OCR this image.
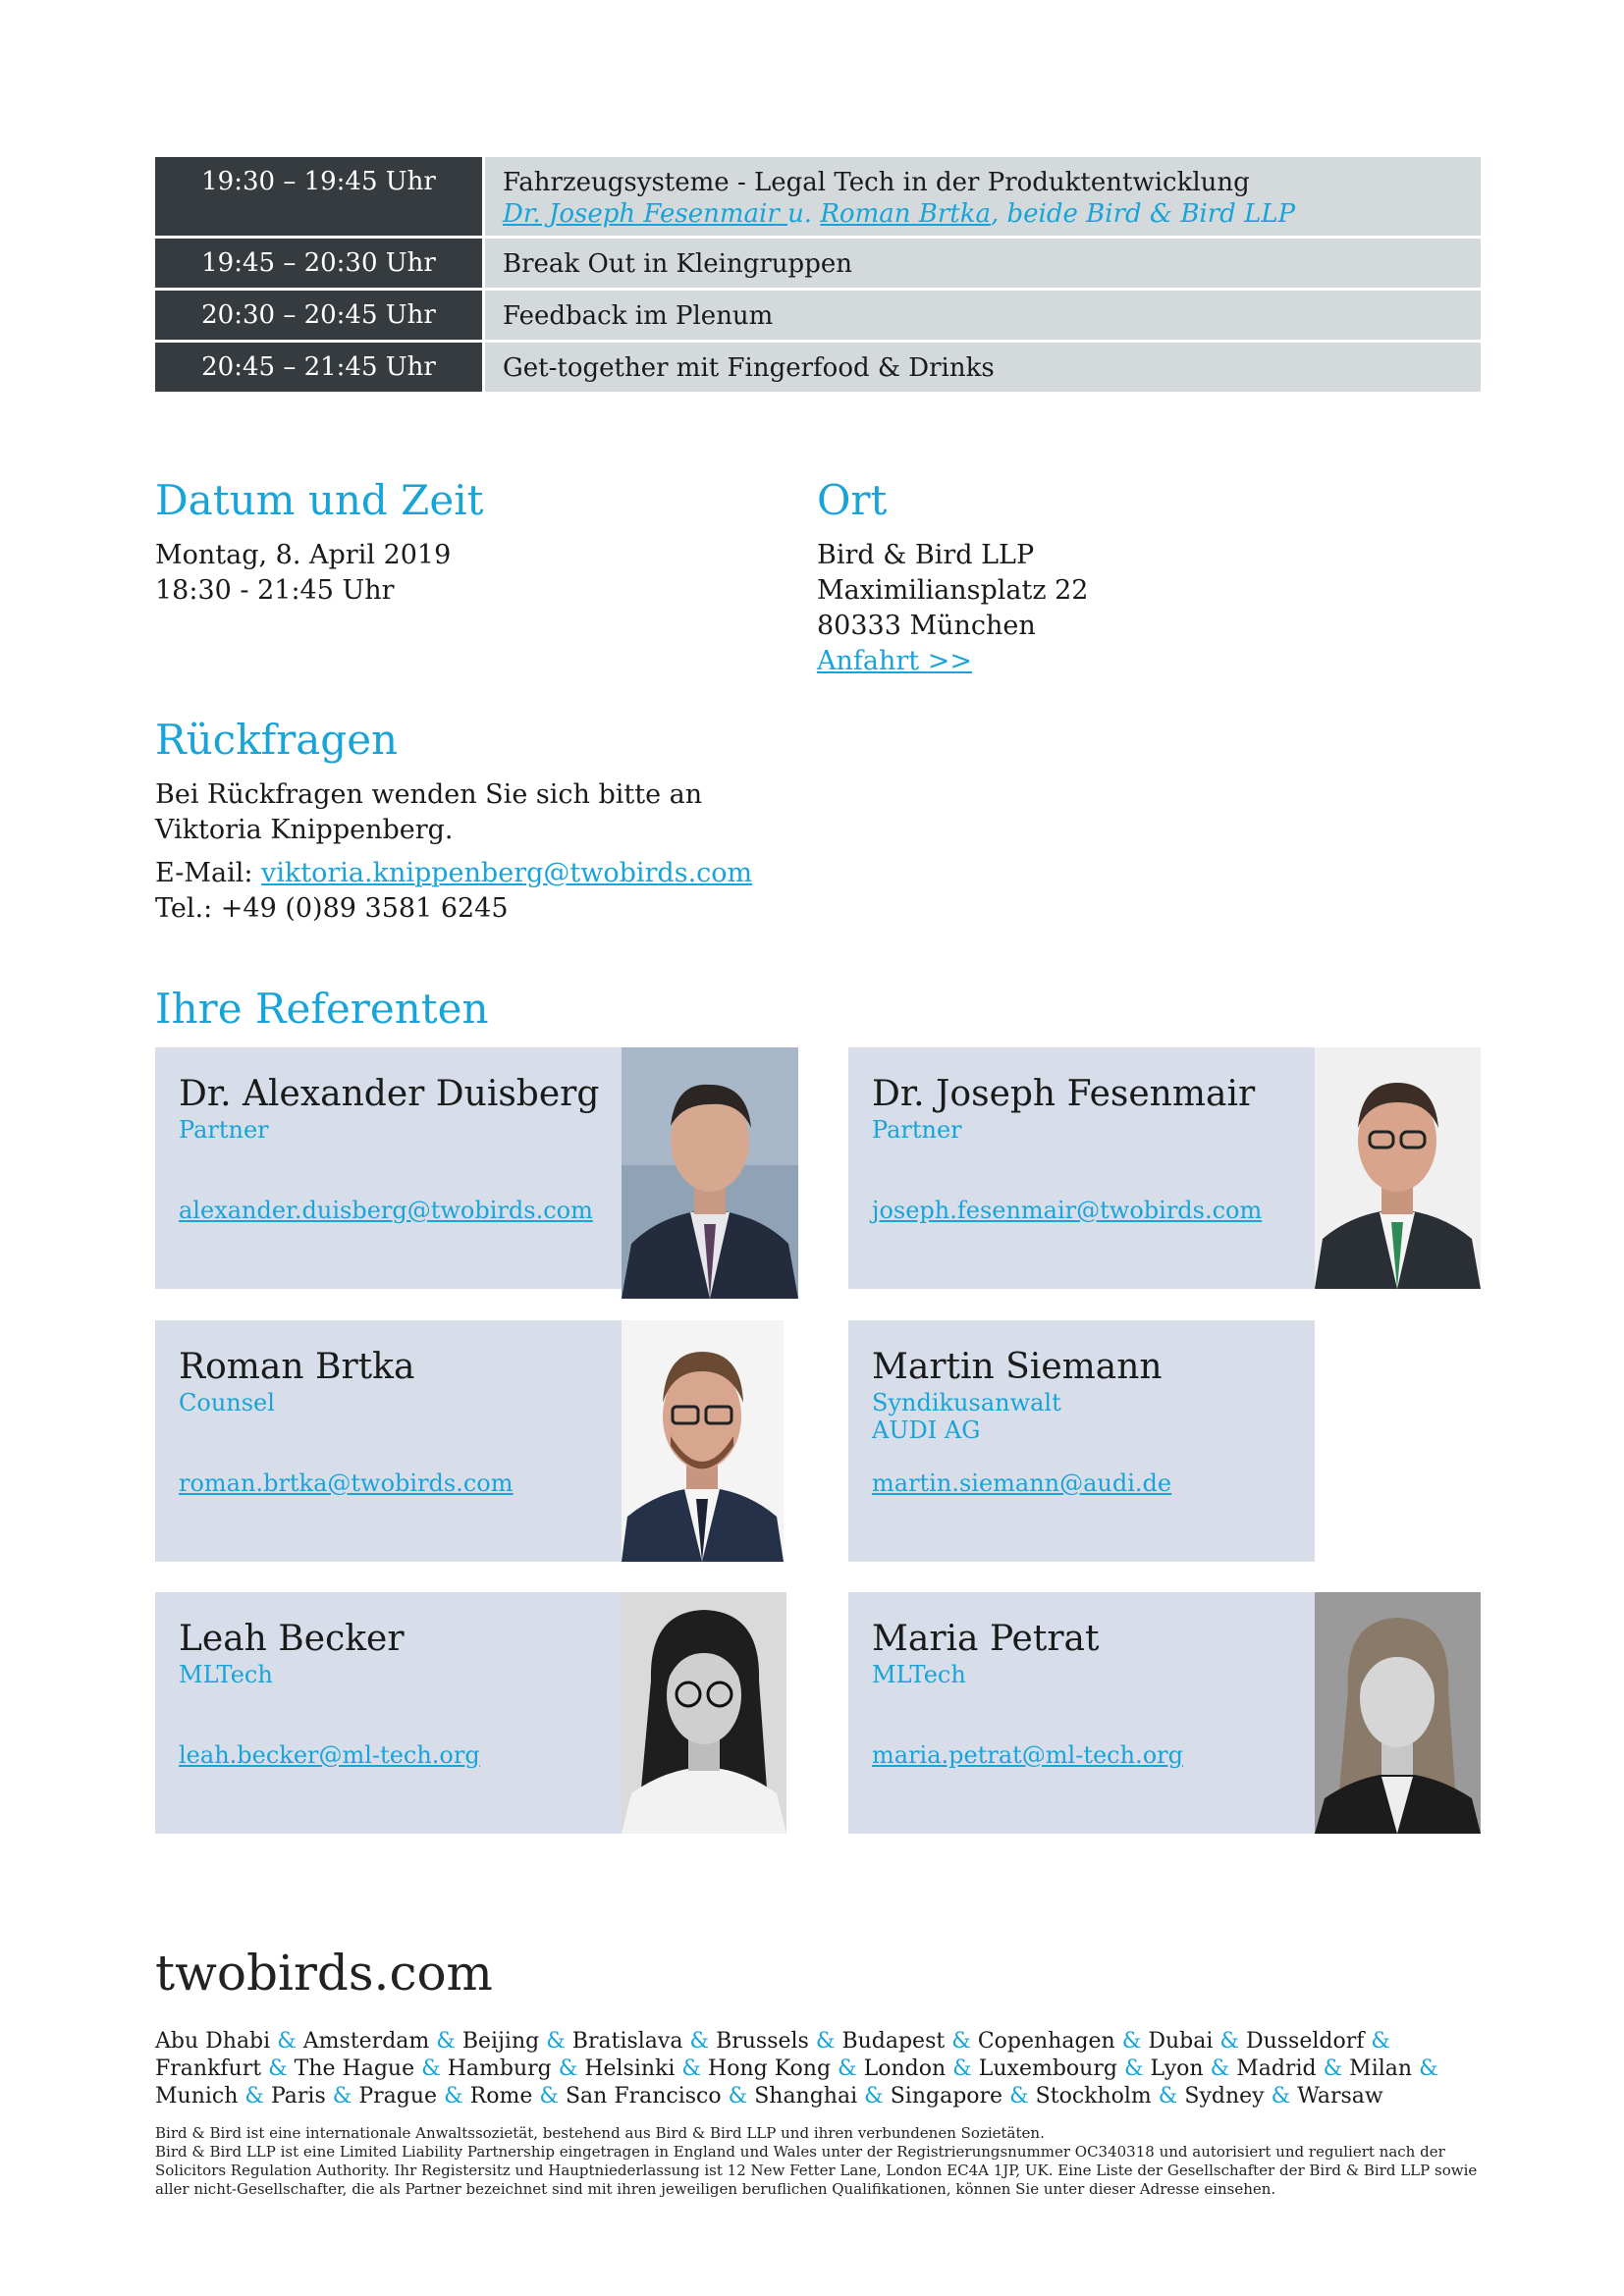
19:30 – 19:45 Uhr	Fahrzeugsysteme - Legal Tech in der Produktentwicklung
Dr. Joseph Fesenmair u. Roman Brtka, beide Bird & Bird LLP
19:45 – 20:30 Uhr	Break Out in Kleingruppen
20:30 – 20:45 Uhr	Feedback im Plenum
20:45 – 21:45 Uhr	Get-together mit Fingerfood & Drinks
Datum und Zeit

Montag, 8. April 2019

18:30 - 21:45 Uhr

Ort

Bird & Bird LLP

Maximiliansplatz 22

80333 München

Anfahrt >>

Rückfragen

Bei Rückfragen wenden Sie sich bitte an Viktoria Knippenberg.

E-Mail: viktoria.knippenberg@twobirds.com

Tel.: +49 (0)89 3581 6245

Ihre Referenten
Dr. Alexander Duisberg
Partner
alexander.duisberg@twobirds.com
Dr. Joseph Fesenmair
Partner
joseph.fesenmair@twobirds.com
Roman Brtka
Counsel
roman.brtka@twobirds.com
Martin Siemann
Syndikusanwalt
AUDI AG
martin.siemann@audi.de
Leah Becker
MLTech
leah.becker@ml-tech.org
Maria Petrat
MLTech
maria.petrat@ml-tech.org
twobirds.com
Abu Dhabi & Amsterdam & Beijing & Bratislava & Brussels & Budapest & Copenhagen & Dubai & Dusseldorf & Frankfurt & The Hague & Hamburg & Helsinki & Hong Kong & London & Luxembourg & Lyon & Madrid & Milan & Munich & Paris & Prague & Rome & San Francisco & Shanghai & Singapore & Stockholm & Sydney & Warsaw

Bird & Bird ist eine internationale Anwaltssozietät, bestehend aus Bird & Bird LLP und ihren verbundenen Sozietäten.

Bird & Bird LLP ist eine Limited Liability Partnership eingetragen in England und Wales unter der Registrierungsnummer OC340318 und autorisiert und reguliert nach der Solicitors Regulation Authority. Ihr Registersitz und Hauptniederlassung ist 12 New Fetter Lane, London EC4A 1JP, UK. Eine Liste der Gesellschafter der Bird & Bird LLP sowie aller nicht-Gesellschafter, die als Partner bezeichnet sind mit ihren jeweiligen beruflichen Qualifikationen, können Sie unter dieser Adresse einsehen.
